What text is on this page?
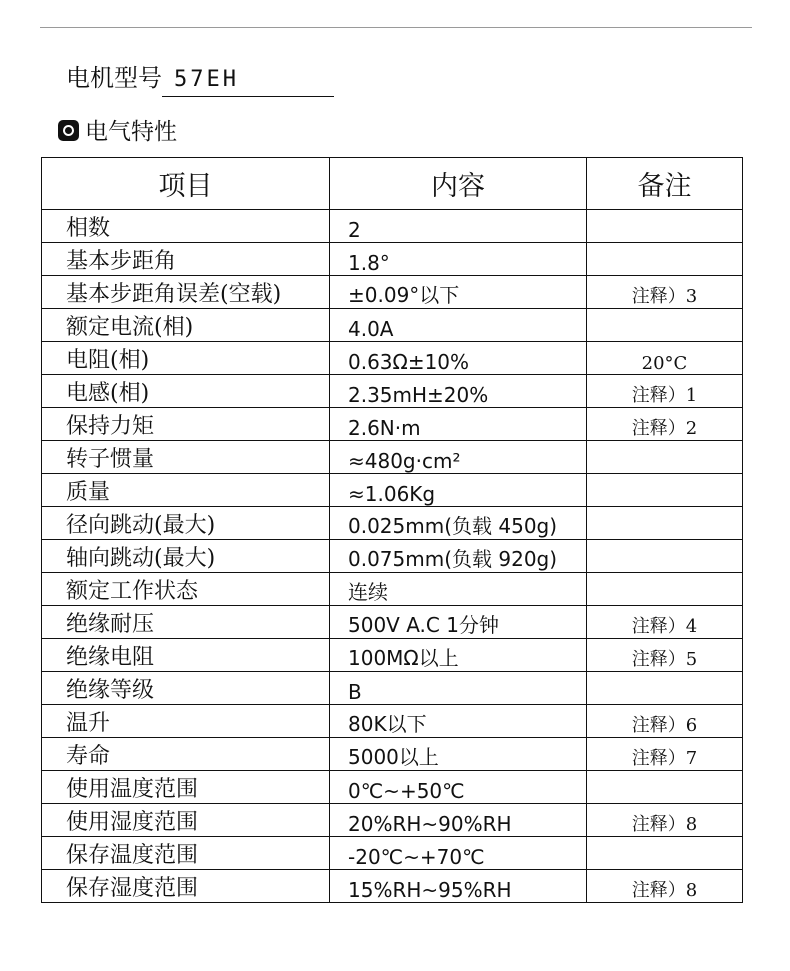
电机型号 57EH
电气特性
项目	内容	备注
相数	2	
基本步距角	1.8°	
基本步距角误差(空载)	±0.09°以下	注释）3
额定电流(相)	4.0A	
电阻(相)	0.63Ω±10%	20°C
电感(相)	2.35mH±20%	注释）1
保持力矩	2.6N·m	注释）2
转子惯量	≈480g·cm²	
质量	≈1.06Kg	
径向跳动(最大)	0.025mm(负载 450g)	
轴向跳动(最大)	0.075mm(负载 920g)	
额定工作状态	连续	
绝缘耐压	500V A.C 1分钟	注释）4
绝缘电阻	100MΩ以上	注释）5
绝缘等级	B	
温升	80K以下	注释）6
寿命	5000以上	注释）7
使用温度范围	0℃~+50℃	
使用湿度范围	20%RH~90%RH	注释）8
保存温度范围	-20℃~+70℃	
保存湿度范围	15%RH~95%RH	注释）8
